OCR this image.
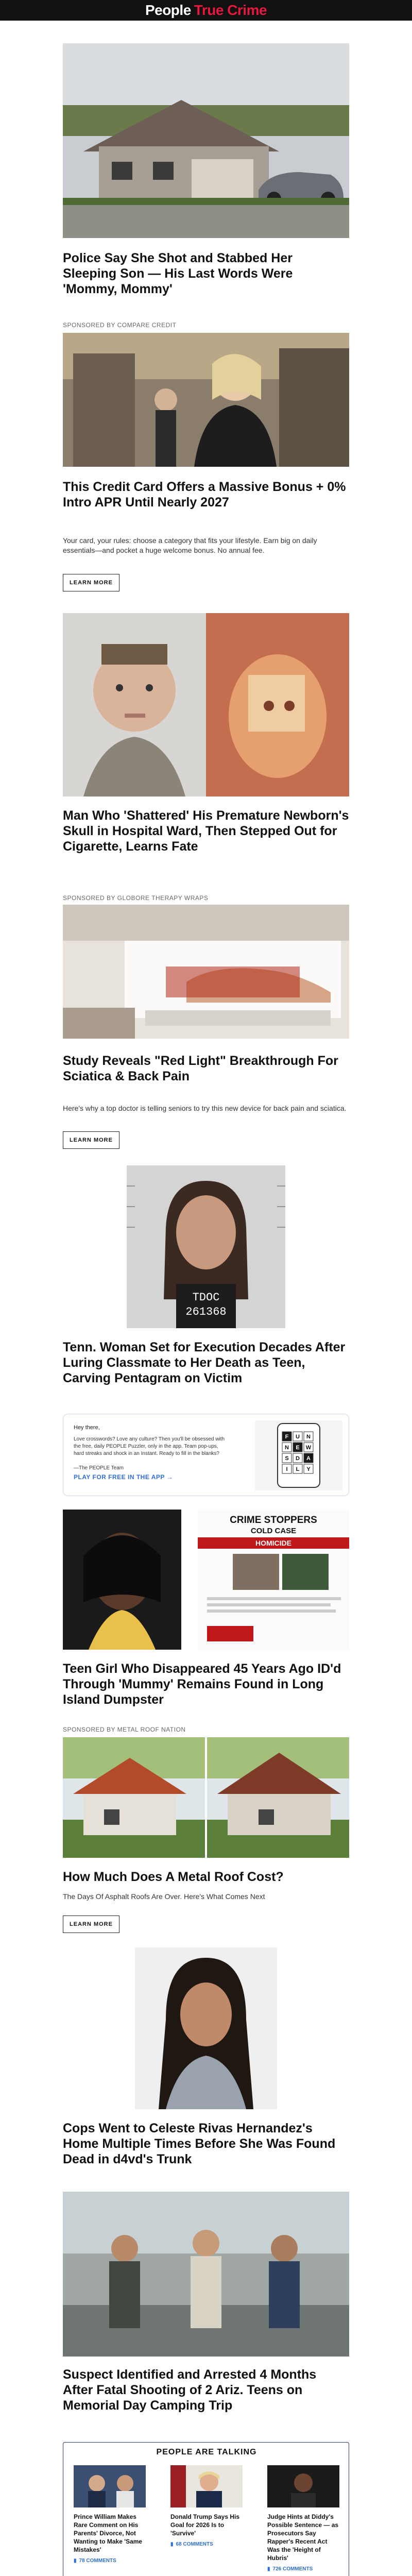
People True Crime
Police Say She Shot and Stabbed Her Sleeping Son — His Last Words Were 'Mommy, Mommy'
SPONSORED BY COMPARE CREDIT
This Credit Card Offers a Massive Bonus + 0% Intro APR Until Nearly 2027
Your card, your rules: choose a category that fits your lifestyle. Earn big on daily essentials—and pocket a huge welcome bonus. No annual fee.
LEARN MORE
Man Who 'Shattered' His Premature Newborn's Skull in Hospital Ward, Then Stepped Out for Cigarette, Learns Fate
SPONSORED BY GLOBORE THERAPY WRAPS
Study Reveals "Red Light" Breakthrough For Sciatica & Back Pain
Here's why a top doctor is telling seniors to try this new device for back pain and sciatica.
LEARN MORE
TDOC
261368
Tenn. Woman Set for Execution Decades After Luring Classmate to Her Death as Teen, Carving Pentagram on Victim
Hey there,
Love crosswords? Love any culture? Then you'll be obsessed with the free, daily PEOPLE Puzzler, only in the app. Team pop-ups, hard streaks and shock in an Instant. Ready to fill in the blanks?

—The PEOPLE Team
PLAY FOR FREE IN THE APP →
F U N
N E W
S D A
I L Y
CRIME STOPPERS
COLD CASE
HOMICIDE
Teen Girl Who Disappeared 45 Years Ago ID'd Through 'Mummy' Remains Found in Long Island Dumpster
SPONSORED BY METAL ROOF NATION
How Much Does A Metal Roof Cost?
The Days Of Asphalt Roofs Are Over. Here's What Comes Next
LEARN MORE
Cops Went to Celeste Rivas Hernandez's Home Multiple Times Before She Was Found Dead in d4vd's Trunk
Suspect Identified and Arrested 4 Months After Fatal Shooting of 2 Ariz. Teens on Memorial Day Camping Trip
PEOPLE ARE TALKING
Prince William Makes Rare Comment on His Parents' Divorce, Not Wanting to Make 'Same Mistakes'
▮ 78 COMMENTS
Donald Trump Says His Goal for 2026 Is to 'Survive'
▮ 68 COMMENTS
Judge Hints at Diddy's Possible Sentence — as Prosecutors Say Rapper's Recent Act Was the 'Height of Hubris'
▮ 726 COMMENTS
